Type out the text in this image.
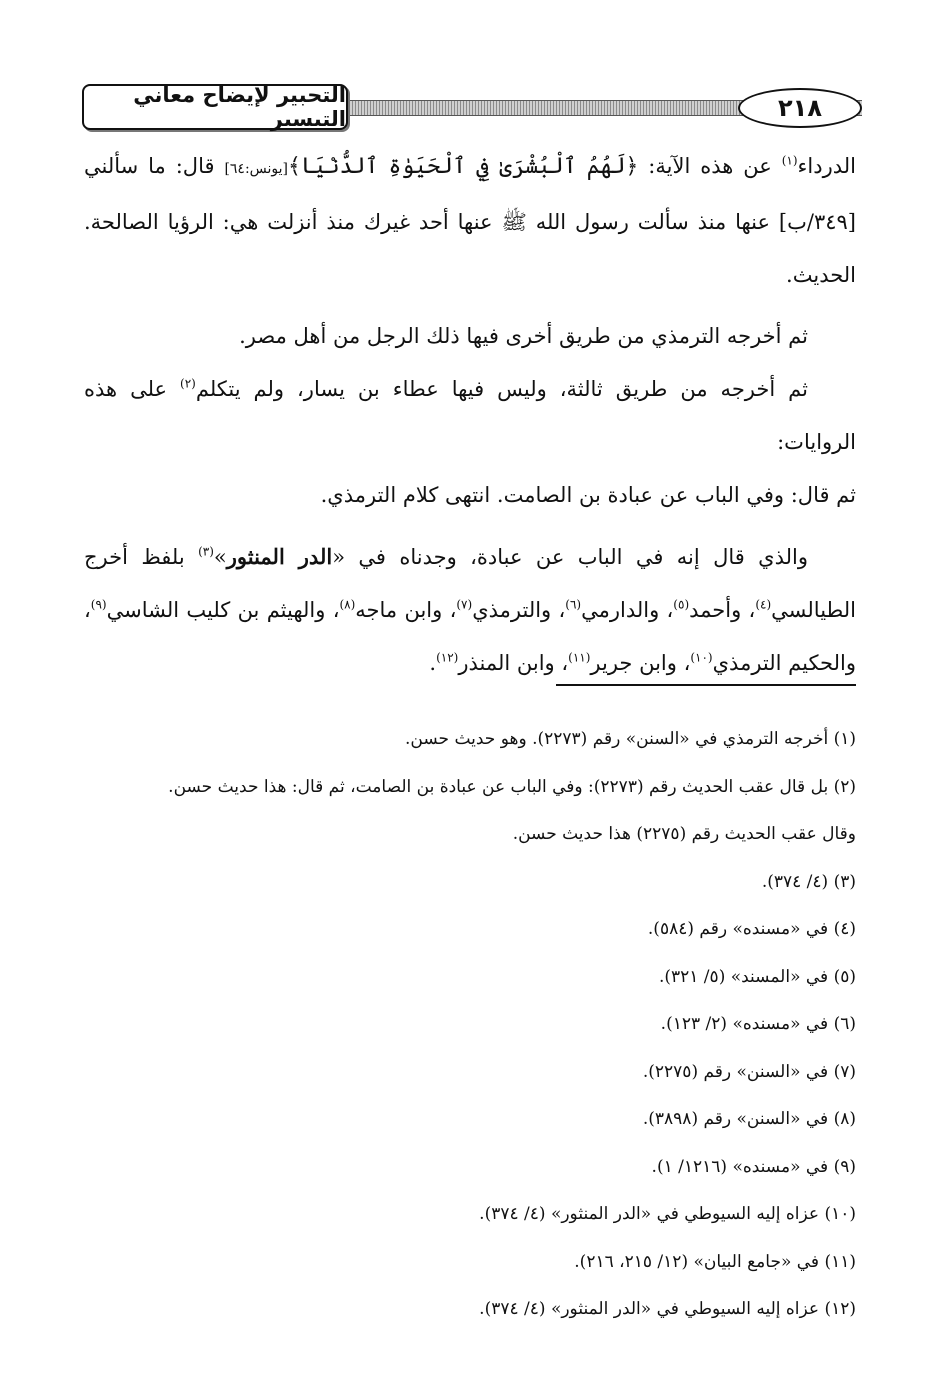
التحبير لإيضاح معاني التيسير	٢١٨

الدرداء$^{(١)}$ عن هذه الآية: ﴿لَهُمُ ٱلْبُشْرَىٰ فِي ٱلْحَيَوٰةِ ٱلدُّنْيَا﴾[يونس:٦٤] قال: ما سألني [٣٤٩/ب] عنها منذ سألت رسول الله ﷺ عنها أحد غيرك منذ أنزلت هي: الرؤيا الصالحة. الحديث.

ثم أخرجه الترمذي من طريق أخرى فيها ذلك الرجل من أهل مصر.

ثم أخرجه من طريق ثالثة، وليس فيها عطاء بن يسار، ولم يتكلم$^{(٢)}$ على هذه الروايات:

ثم قال: وفي الباب عن عبادة بن الصامت. انتهى كلام الترمذي.

والذي قال إنه في الباب عن عبادة، وجدناه في «الدر المنثور»$^{(٣)}$ بلفظ أخرج الطيالسي$^{(٤)}$، وأحمد$^{(٥)}$، والدارمي$^{(٦)}$، والترمذي$^{(٧)}$، وابن ماجه$^{(٨)}$، والهيثم بن كليب الشاسي$^{(٩)}$، والحكيم الترمذي$^{(١٠)}$، وابن جرير$^{(١١)}$، وابن المنذر$^{(١٢)}$.

(١) أخرجه الترمذي في «السنن» رقم (٢٢٧٣). وهو حديث حسن.

(٢) بل قال عقب الحديث رقم (٢٢٧٣): وفي الباب عن عبادة بن الصامت، ثم قال: هذا حديث حسن.

وقال عقب الحديث رقم (٢٢٧٥) هذا حديث حسن.

(٣) (٤/ ٣٧٤).

(٤) في «مسنده» رقم (٥٨٤).

(٥) في «المسند» (٥/ ٣٢١).

(٦) في «مسنده» (٢/ ١٢٣).

(٧) في «السنن» رقم (٢٢٧٥).

(٨) في «السنن» رقم (٣٨٩٨).

(٩) في «مسنده» (١٢١٦/ ١).

(١٠) عزاه إليه السيوطي في «الدر المنثور» (٤/ ٣٧٤).

(١١) في «جامع البيان» (١٢/ ٢١٥، ٢١٦).

(١٢) عزاه إليه السيوطي في «الدر المنثور» (٤/ ٣٧٤).
